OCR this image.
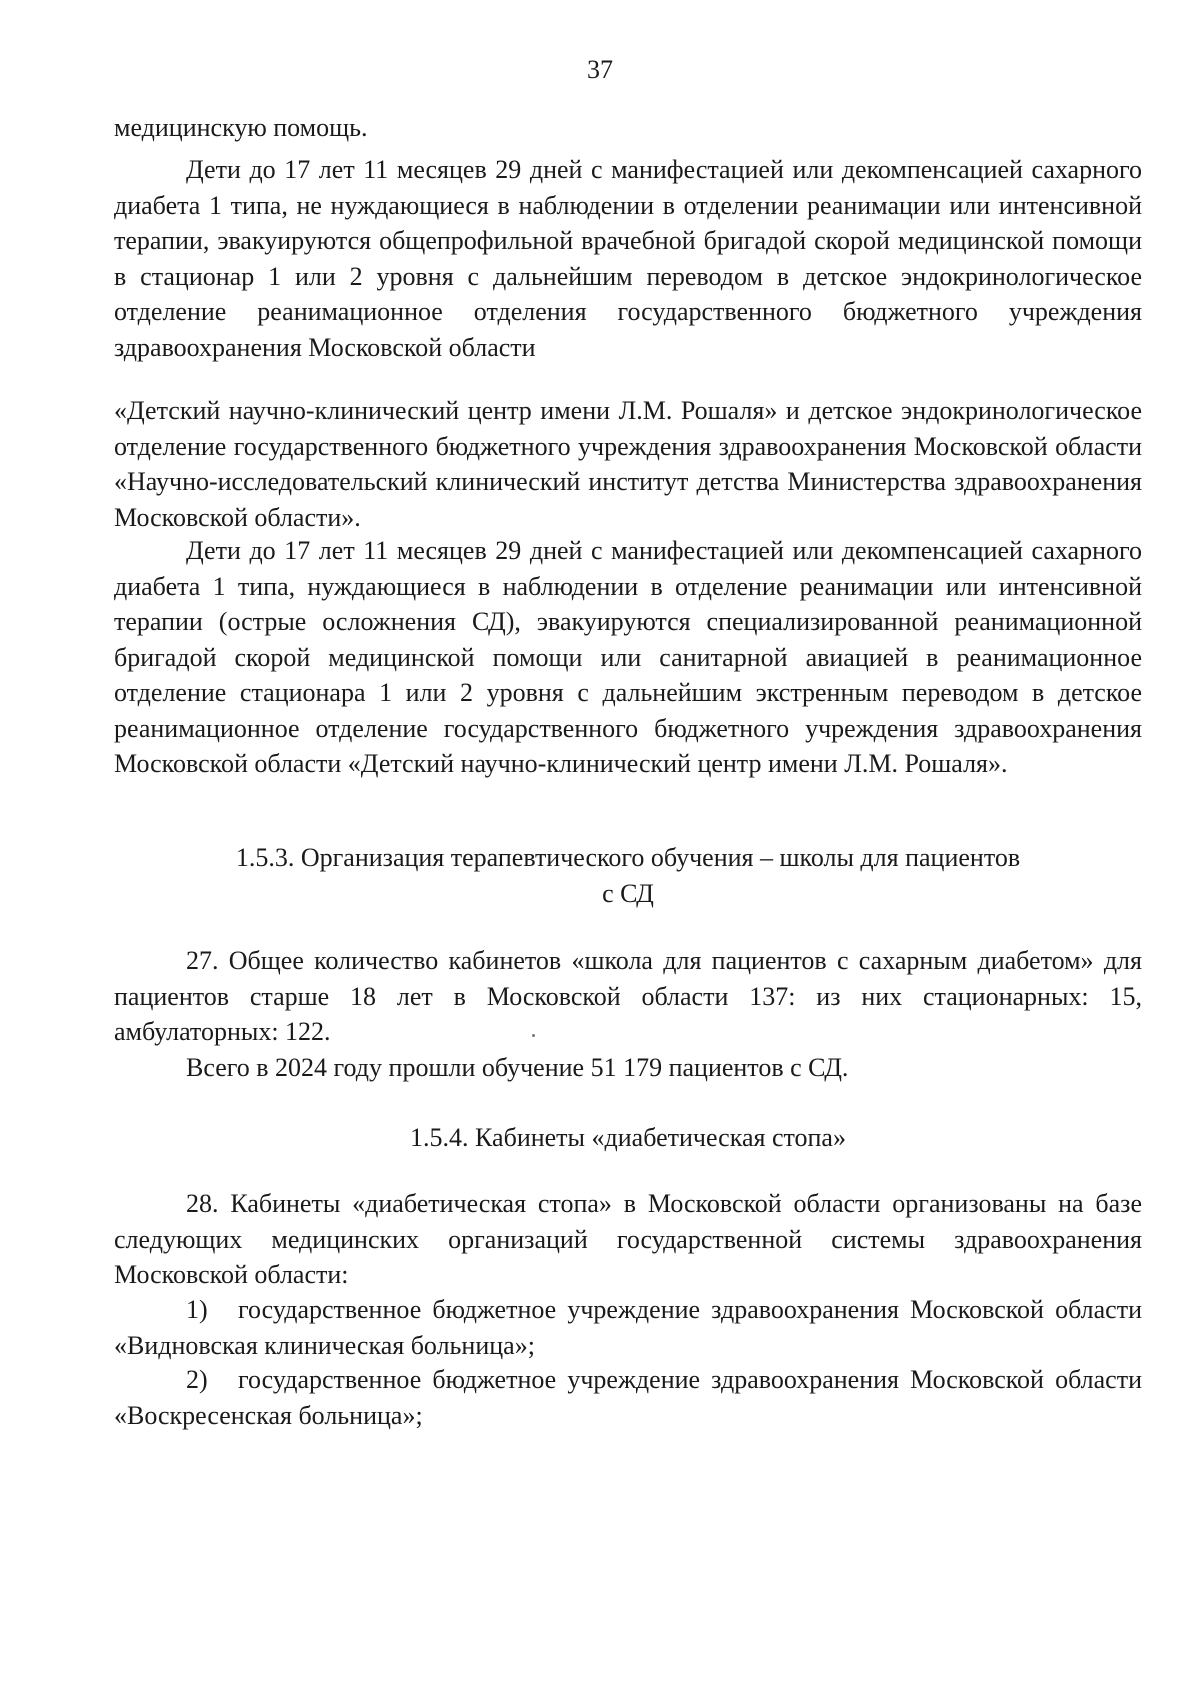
37

медицинскую помощь.

Дети до 17 лет 11 месяцев 29 дней с манифестацией или декомпенсацией сахарного диабета 1 типа, не нуждающиеся в наблюдении в отделении реанимации или интенсивной терапии, эвакуируются общепрофильной врачебной бригадой скорой медицинской помощи в стационар 1 или 2 уровня с дальнейшим переводом в детское эндокринологическое отделение реанимационное отделения государственного бюджетного учреждения здравоохранения Московской области

«Детский научно-клинический центр имени Л.М. Рошаля» и детское эндокринологическое отделение государственного бюджетного учреждения здравоохранения Московской области «Научно-исследовательский клинический институт детства Министерства здравоохранения Московской области».

Дети до 17 лет 11 месяцев 29 дней с манифестацией или декомпенсацией сахарного диабета 1 типа, нуждающиеся в наблюдении в отделение реанимации или интенсивной терапии (острые осложнения СД), эвакуируются специализированной реанимационной бригадой скорой медицинской помощи или санитарной авиацией в реанимационное отделение стационара 1 или 2 уровня с дальнейшим экстренным переводом в детское реанимационное отделение государственного бюджетного учреждения здравоохранения Московской области «Детский научно-клинический центр имени Л.М. Рошаля».

1.5.3. Организация терапевтического обучения – школы для пациентов
с СД

27. Общее количество кабинетов «школа для пациентов с сахарным диабетом» для пациентов старше 18 лет в Московской области 137: из них стационарных: 15, амбулаторных: 122.

Всего в 2024 году прошли обучение 51 179 пациентов с СД.

1.5.4. Кабинеты «диабетическая стопа»

28. Кабинеты «диабетическая стопа» в Московской области организованы на базе следующих медицинских организаций государственной системы здравоохранения Московской области:

1) государственное бюджетное учреждение здравоохранения Московской области «Видновская клиническая больница»;

2) государственное бюджетное учреждение здравоохранения Московской области «Воскресенская больница»;
